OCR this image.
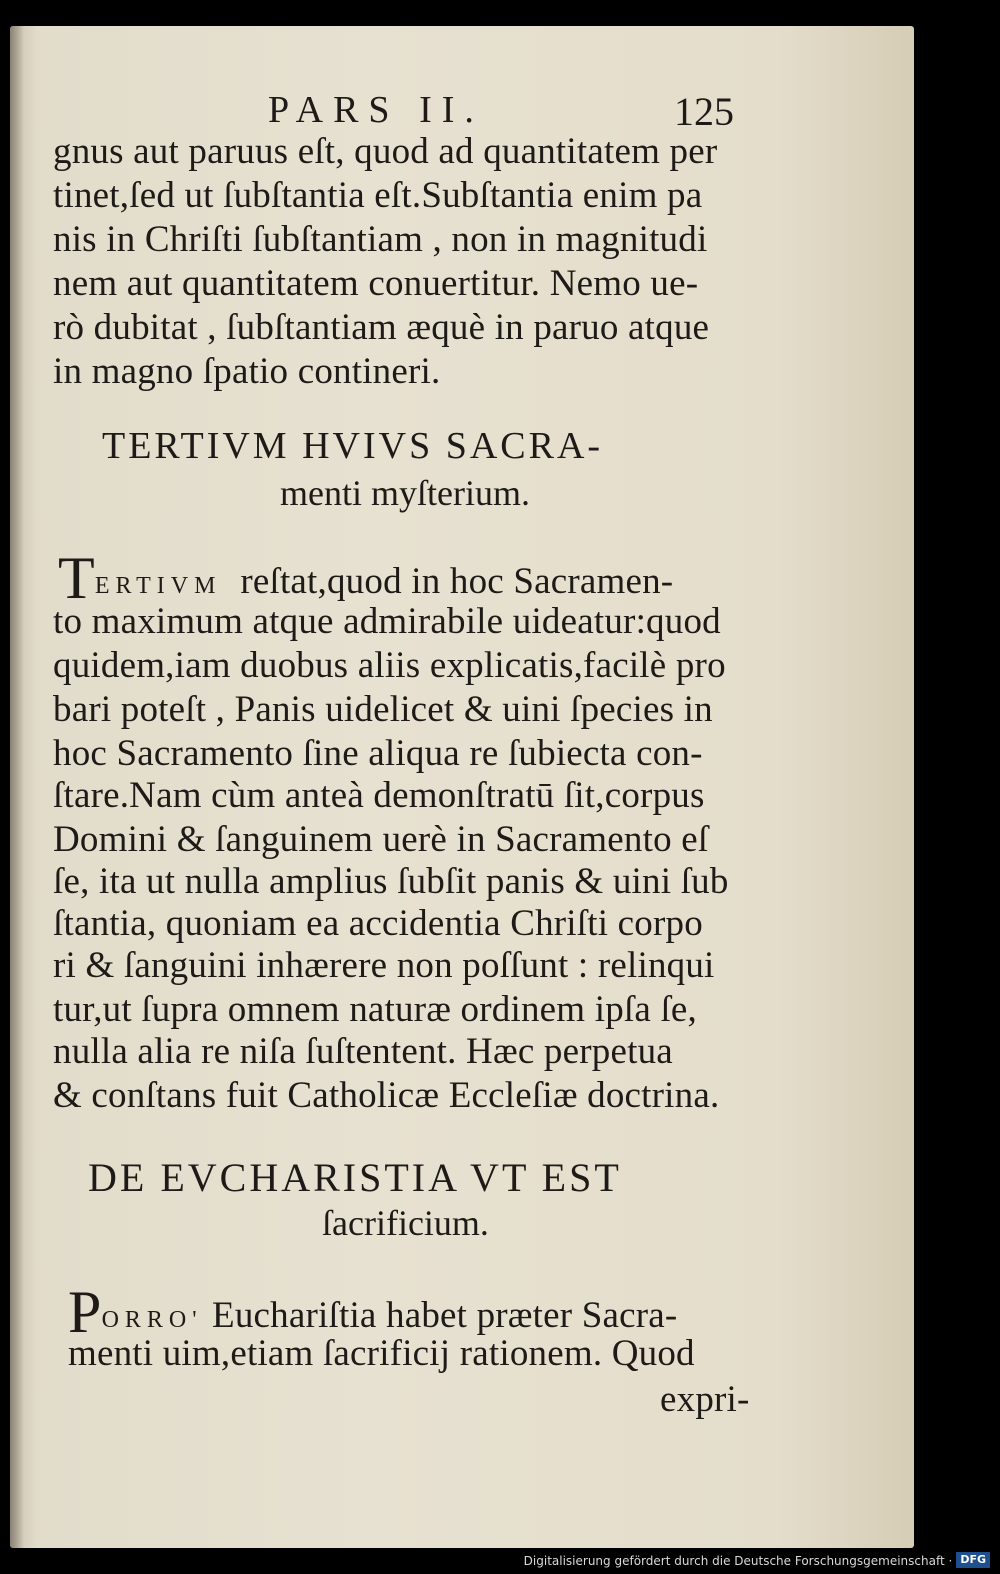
PARS II.	125
gnus aut paruus eſt, quod ad quantitatem per
tinet,ſed ut ſubſtantia eſt.Subſtantia enim pa
nis in Chriſti ſubſtantiam , non in magnitudi
nem aut quantitatem conuertitur. Nemo ue-
rò dubitat , ſubſtantiam æquè in paruo atque
in magno ſpatio contineri.
TERTIVM HVIVS SACRA-
menti myſterium.
TERTIVM reſtat,quod in hoc Sacramen-
to maximum atque admirabile uideatur:quod
quidem,iam duobus aliis explicatis,facilè pro
bari poteſt , Panis uidelicet & uini ſpecies in
hoc Sacramento ſine aliqua re ſubiecta con-
ſtare.Nam cùm anteà demonſtratū ſit,corpus
Domini & ſanguinem uerè in Sacramento eſ
ſe, ita ut nulla amplius ſubſit panis & uini ſub
ſtantia, quoniam ea accidentia Chriſti corpo
ri & ſanguini inhærere non poſſunt : relinqui
tur,ut ſupra omnem naturæ ordinem ipſa ſe,
nulla alia re niſa ſuſtentent. Hæc perpetua
& conſtans fuit Catholicæ Eccleſiæ doctrina.
DE EVCHARISTIA VT EST
ſacrificium.
PORRO' Euchariſtia habet præter Sacra-
menti uim,etiam ſacrificij rationem. Quod
expri-
Digitalisierung gefördert durch die Deutsche Forschungsgemeinschaft · DFG
